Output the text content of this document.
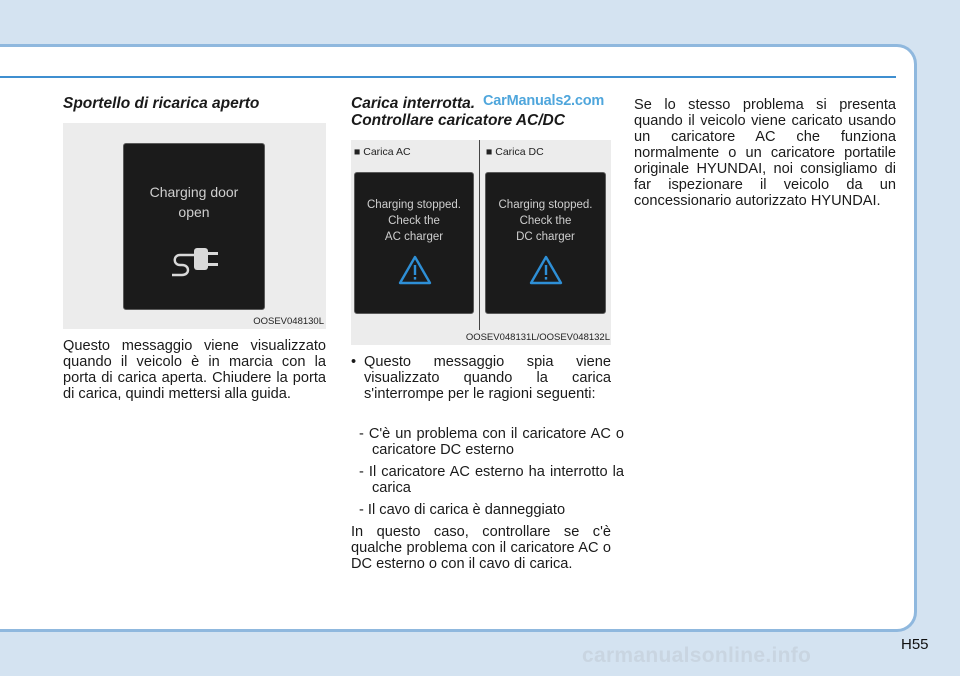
Sportello di ricarica aperto
Charging door
open
OOSEV048130L

Questo messaggio viene visualizzato quando il veicolo è in marcia con la porta di carica aperta. Chiudere la porta di carica, quindi mettersi alla guida.

Carica interrotta.
Controllare caricatore AC/DC
CarManuals2.com
■ Carica AC	■ Carica DC
Charging stopped.
Check the
AC charger
Charging stopped.
Check the
DC charger
OOSEV048131L/OOSEV048132L
• Questo messaggio spia viene visualizzato quando la carica s'interrompe per le ragioni seguenti:
- C'è un problema con il caricatore AC o caricatore DC esterno
- Il caricatore AC esterno ha interrotto la carica
- Il cavo di carica è danneggiato

In questo caso, controllare se c'è qualche problema con il caricatore AC o DC esterno o con il cavo di carica.

Se lo stesso problema si presenta quando il veicolo viene caricato usando un caricatore AC che funziona normalmente o un caricatore portatile originale HYUNDAI, noi consigliamo di far ispezionare il veicolo da un concessionario autorizzato HYUNDAI.

carmanualsonline.info	H55
